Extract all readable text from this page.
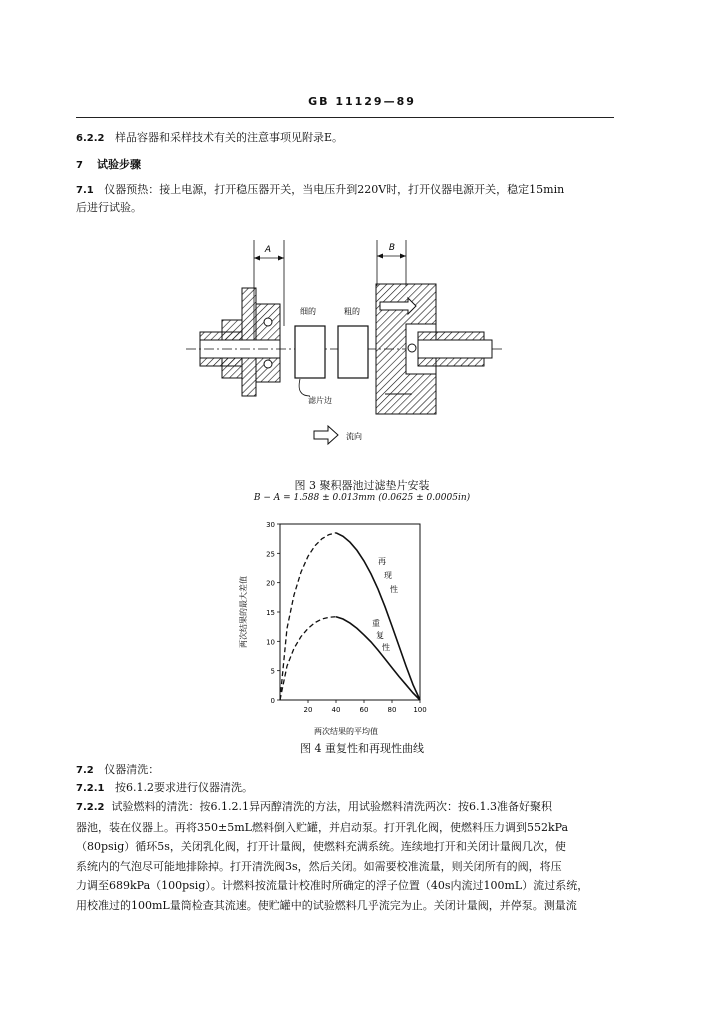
GB 11129—89
6.2.2 样品容器和采样技术有关的注意事项见附录E。
7 试验步骤
7.1 仪器预热：接上电源，打开稳压器开关，当电压升到220V时，打开仪器电源开关，稳定15min
后进行试验。
A	B
细的	粗的
滤片边
流向
图 3 聚积器池过滤垫片安装
B − A = 1.588 ± 0.013mm (0.0625 ± 0.0005in)
0
5
10
15
20
25
30
20	40	60	80 100
两次结果的最大差值
两次结果的平均值
再
现
性
重
复
性
图 4 重复性和再现性曲线
7.2 仪器清洗：
7.2.1 按6.1.2要求进行仪器清洗。
7.2.2 试验燃料的清洗：按6.1.2.1异丙醇清洗的方法，用试验燃料清洗两次：按6.1.3准备好聚积
器池，装在仪器上。再将350±5mL燃料倒入贮罐，并启动泵。打开乳化阀，使燃料压力调到552kPa
（80psig）循环5s，关闭乳化阀，打开计量阀，使燃料充满系统。连续地打开和关闭计量阀几次，使
系统内的气泡尽可能地排除掉。打开清洗阀3s，然后关闭。如需要校准流量，则关闭所有的阀，将压
力调至689kPa（100psig）。计燃料按流量计校准时所确定的浮子位置（40s内流过100mL）流过系统，
用校准过的100mL量筒检查其流速。使贮罐中的试验燃料几乎流完为止。关闭计量阀，并停泵。测量流
